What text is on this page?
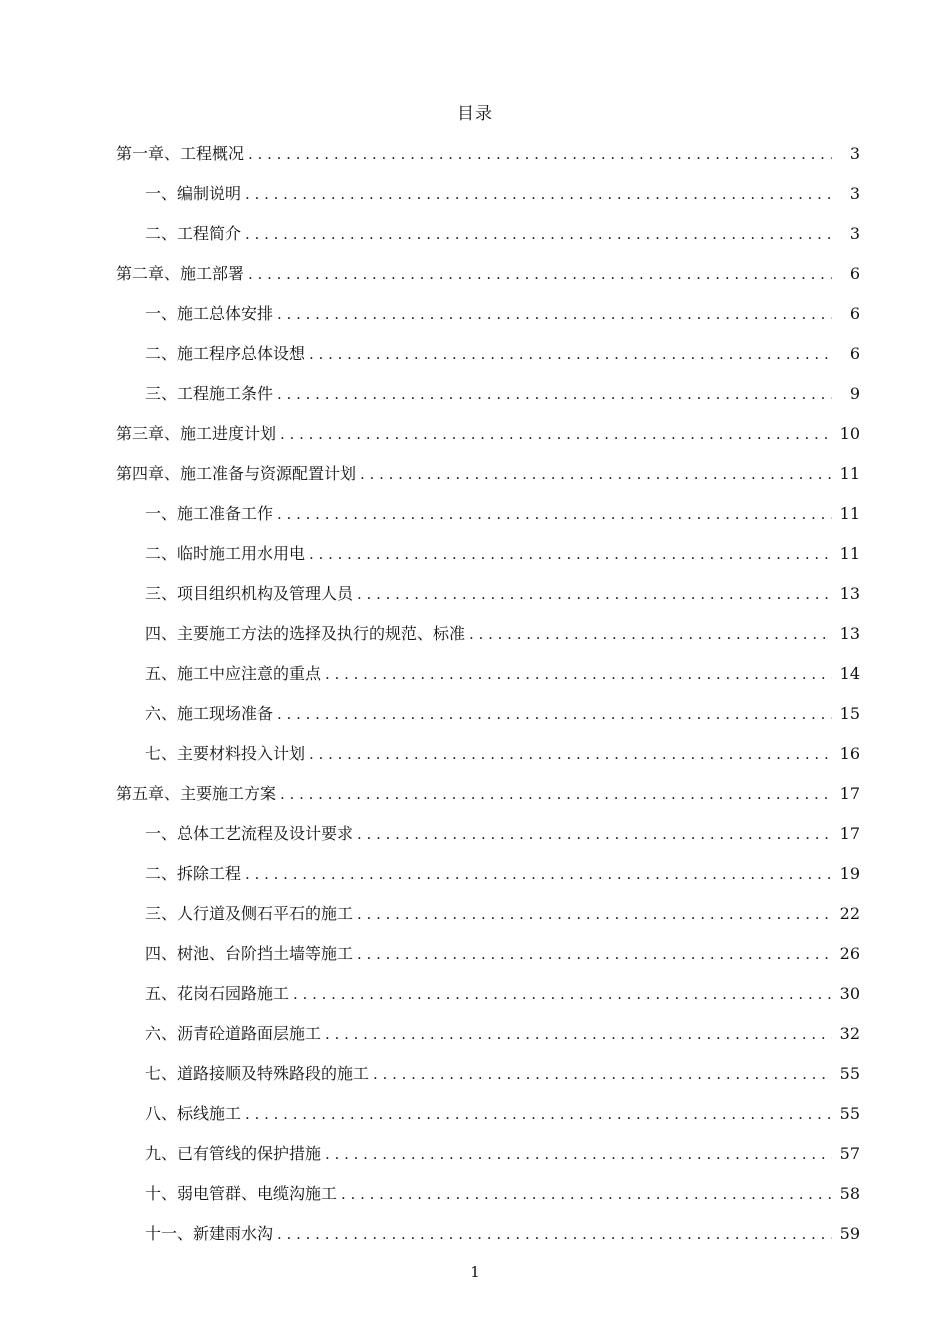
目录
第一章、工程概况 . . .	3
一、编制说明 . . .	3
二、工程简介 . . .	3
第二章、施工部署 . . .	6
一、施工总体安排 . . .	6
二、施工程序总体设想 . . .	6
三、工程施工条件 . . .	9
第三章、施工进度计划 . . .	10
第四章、施工准备与资源配置计划 . . .	11
一、施工准备工作 . . .	11
二、临时施工用水用电 . . .	11
三、项目组织机构及管理人员 . . .	13
四、主要施工方法的选择及执行的规范、标准 . . .	13
五、施工中应注意的重点 . . .	14
六、施工现场准备 . . .	15
七、主要材料投入计划 . . .	16
第五章、主要施工方案 . . .	17
一、总体工艺流程及设计要求 . . .	17
二、拆除工程 . . .	19
三、人行道及侧石平石的施工 . . .	22
四、树池、台阶挡土墙等施工 . . .	26
五、花岗石园路施工 . . .	30
六、沥青砼道路面层施工 . . .	32
七、道路接顺及特殊路段的施工 . . .	55
八、标线施工 . . .	55
九、已有管线的保护措施 . . .	57
十、弱电管群、电缆沟施工 . . .	58
十一、新建雨水沟 . . .	59
1
